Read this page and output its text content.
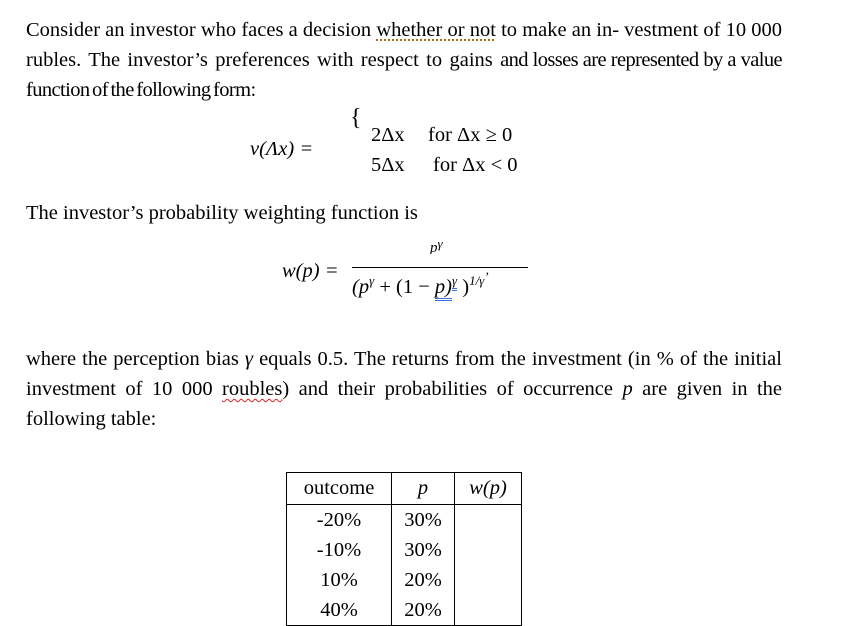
Consider an investor who faces a decision whether or not to make an in- vestment of 10 000
rubles. The investor’s preferences with respect to gains and losses are represented by a value
function of the following form:
v(Λx) =
{
2Δx for Δx ≥ 0
5Δx for Δx < 0
The investor’s probability weighting function is
w(p) =
pγ
($p^\gamma + (1 - p)^\gamma$ )$^{1/\gamma’}$
where the perception bias γ equals 0.5. The returns from the investment (in % of the initial
investment of 10 000 roubles) and their probabilities of occurrence p are given in the
following table:
outcome	p	w(p)
-20%	30%	
-10%	30%	
10%	20%	
40%	20%	
